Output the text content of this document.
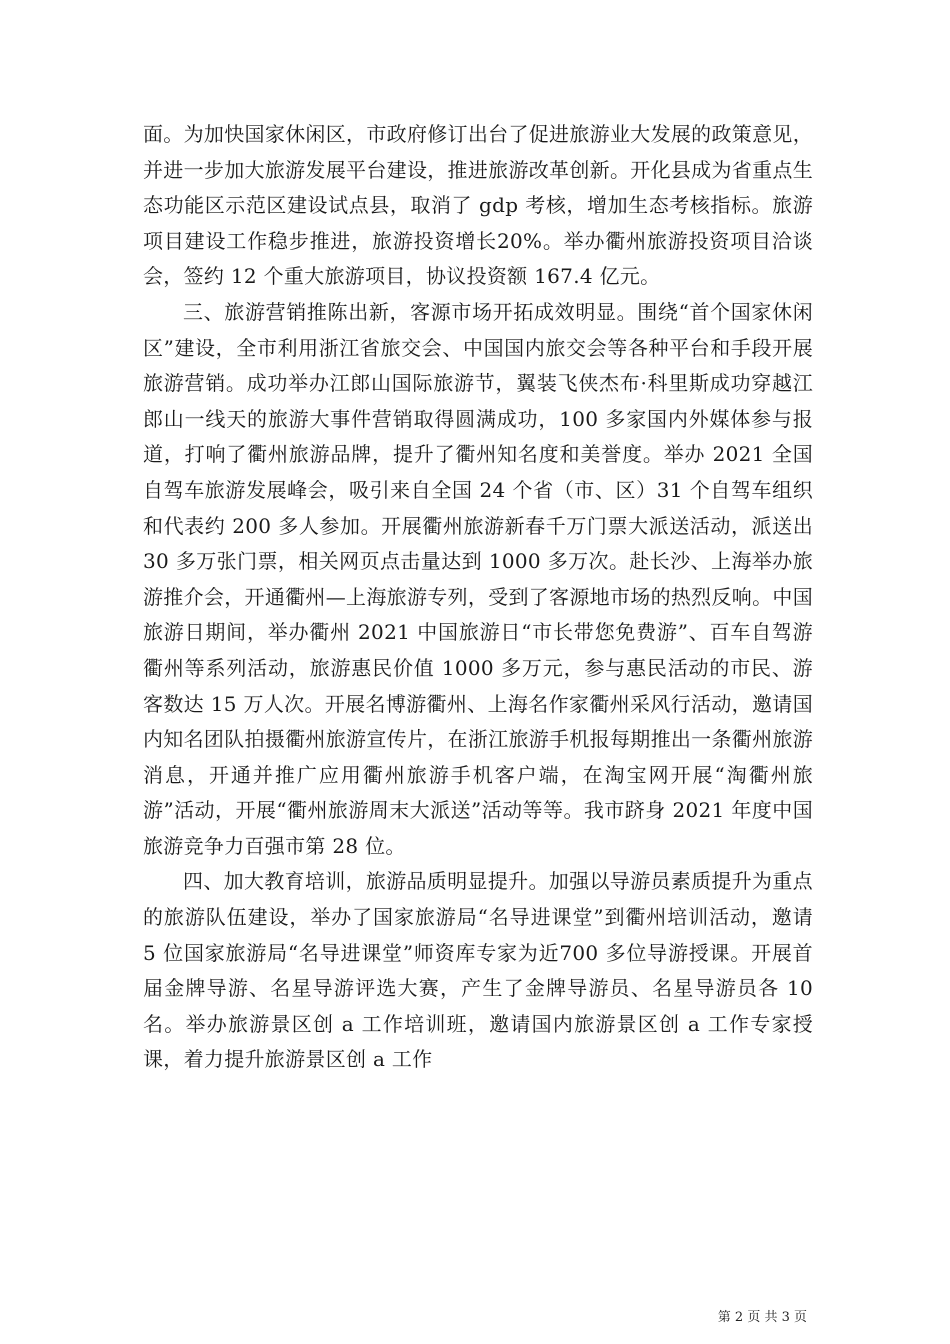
面。为加快国家休闲区，市政府修订出台了促进旅游业大发展的政策意见，并进一步加大旅游发展平台建设，推进旅游改革创新。开化县成为省重点生态功能区示范区建设试点县，取消了 gdp 考核，增加生态考核指标。旅游项目建设工作稳步推进，旅游投资增长20%。举办衢州旅游投资项目洽谈会，签约 12 个重大旅游项目，协议投资额 167.4 亿元。

三、旅游营销推陈出新，客源市场开拓成效明显。围绕“首个国家休闲区”建设，全市利用浙江省旅交会、中国国内旅交会等各种平台和手段开展旅游营销。成功举办江郎山国际旅游节，翼装飞侠杰布·科里斯成功穿越江郎山一线天的旅游大事件营销取得圆满成功，100 多家国内外媒体参与报道，打响了衢州旅游品牌，提升了衢州知名度和美誉度。举办 2021 全国自驾车旅游发展峰会，吸引来自全国 24 个省（市、区）31 个自驾车组织和代表约 200 多人参加。开展衢州旅游新春千万门票大派送活动，派送出 30 多万张门票，相关网页点击量达到 1000 多万次。赴长沙、上海举办旅游推介会，开通衢州—上海旅游专列，受到了客源地市场的热烈反响。中国旅游日期间，举办衢州 2021 中国旅游日“市长带您免费游”、百车自驾游衢州等系列活动，旅游惠民价值 1000 多万元，参与惠民活动的市民、游客数达 15 万人次。开展名博游衢州、上海名作家衢州采风行活动，邀请国内知名团队拍摄衢州旅游宣传片，在浙江旅游手机报每期推出一条衢州旅游消息，开通并推广应用衢州旅游手机客户端，在淘宝网开展“淘衢州旅游”活动，开展“衢州旅游周末大派送”活动等等。我市跻身 2021 年度中国旅游竞争力百强市第 28 位。

四、加大教育培训，旅游品质明显提升。加强以导游员素质提升为重点的旅游队伍建设，举办了国家旅游局“名导进课堂”到衢州培训活动，邀请 5 位国家旅游局“名导进课堂”师资库专家为近700 多位导游授课。开展首届金牌导游、名星导游评选大赛，产生了金牌导游员、名星导游员各 10 名。举办旅游景区创 a 工作培训班，邀请国内旅游景区创 a 工作专家授课，着力提升旅游景区创 a 工作

第 2 页 共 3 页
